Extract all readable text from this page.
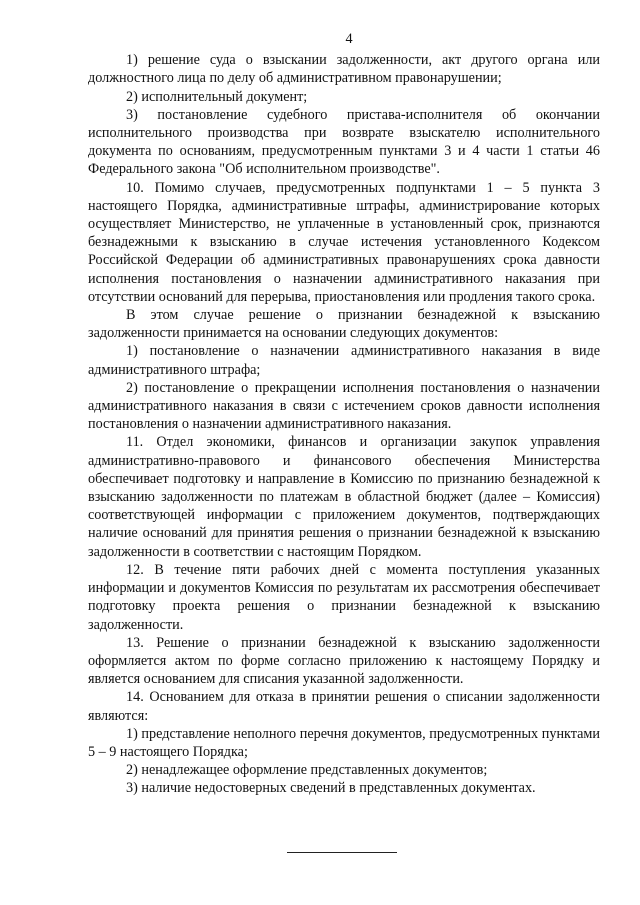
4

1) решение суда о взыскании задолженности, акт другого органа или должностного лица по делу об административном правонарушении;

2) исполнительный документ;

3) постановление судебного пристава-исполнителя об окончании исполнительного производства при возврате взыскателю исполнительного документа по основаниям, предусмотренным пунктами 3 и 4 части 1 статьи 46 Федерального закона "Об исполнительном производстве".

10. Помимо случаев, предусмотренных подпунктами 1 – 5 пункта 3 настоящего Порядка, административные штрафы, администрирование которых осуществляет Министерство, не уплаченные в установленный срок, признаются безнадежными к взысканию в случае истечения установленного Кодексом Российской Федерации об административных правонарушениях срока давности исполнения постановления о назначении административного наказания при отсутствии оснований для перерыва, приостановления или продления такого срока.

В этом случае решение о признании безнадежной к взысканию задолженности принимается на основании следующих документов:

1) постановление о назначении административного наказания в виде административного штрафа;

2) постановление о прекращении исполнения постановления о назначении административного наказания в связи с истечением сроков давности исполнения постановления о назначении административного наказания.

11. Отдел экономики, финансов и организации закупок управления административно-правового и финансового обеспечения Министерства обеспечивает подготовку и направление в Комиссию по признанию безнадежной к взысканию задолженности по платежам в областной бюджет (далее – Комиссия) соответствующей информации с приложением документов, подтверждающих наличие оснований для принятия решения о признании безнадежной к взысканию задолженности в соответствии с настоящим Порядком.

12. В течение пяти рабочих дней с момента поступления указанных информации и документов Комиссия по результатам их рассмотрения обеспечивает подготовку проекта решения о признании безнадежной к взысканию задолженности.

13. Решение о признании безнадежной к взысканию задолженности оформляется актом по форме согласно приложению к настоящему Порядку и является основанием для списания указанной задолженности.

14. Основанием для отказа в принятии решения о списании задолженности являются:

1) представление неполного перечня документов, предусмотренных пунктами 5 – 9 настоящего Порядка;

2) ненадлежащее оформление представленных документов;

3) наличие недостоверных сведений в представленных документах.
